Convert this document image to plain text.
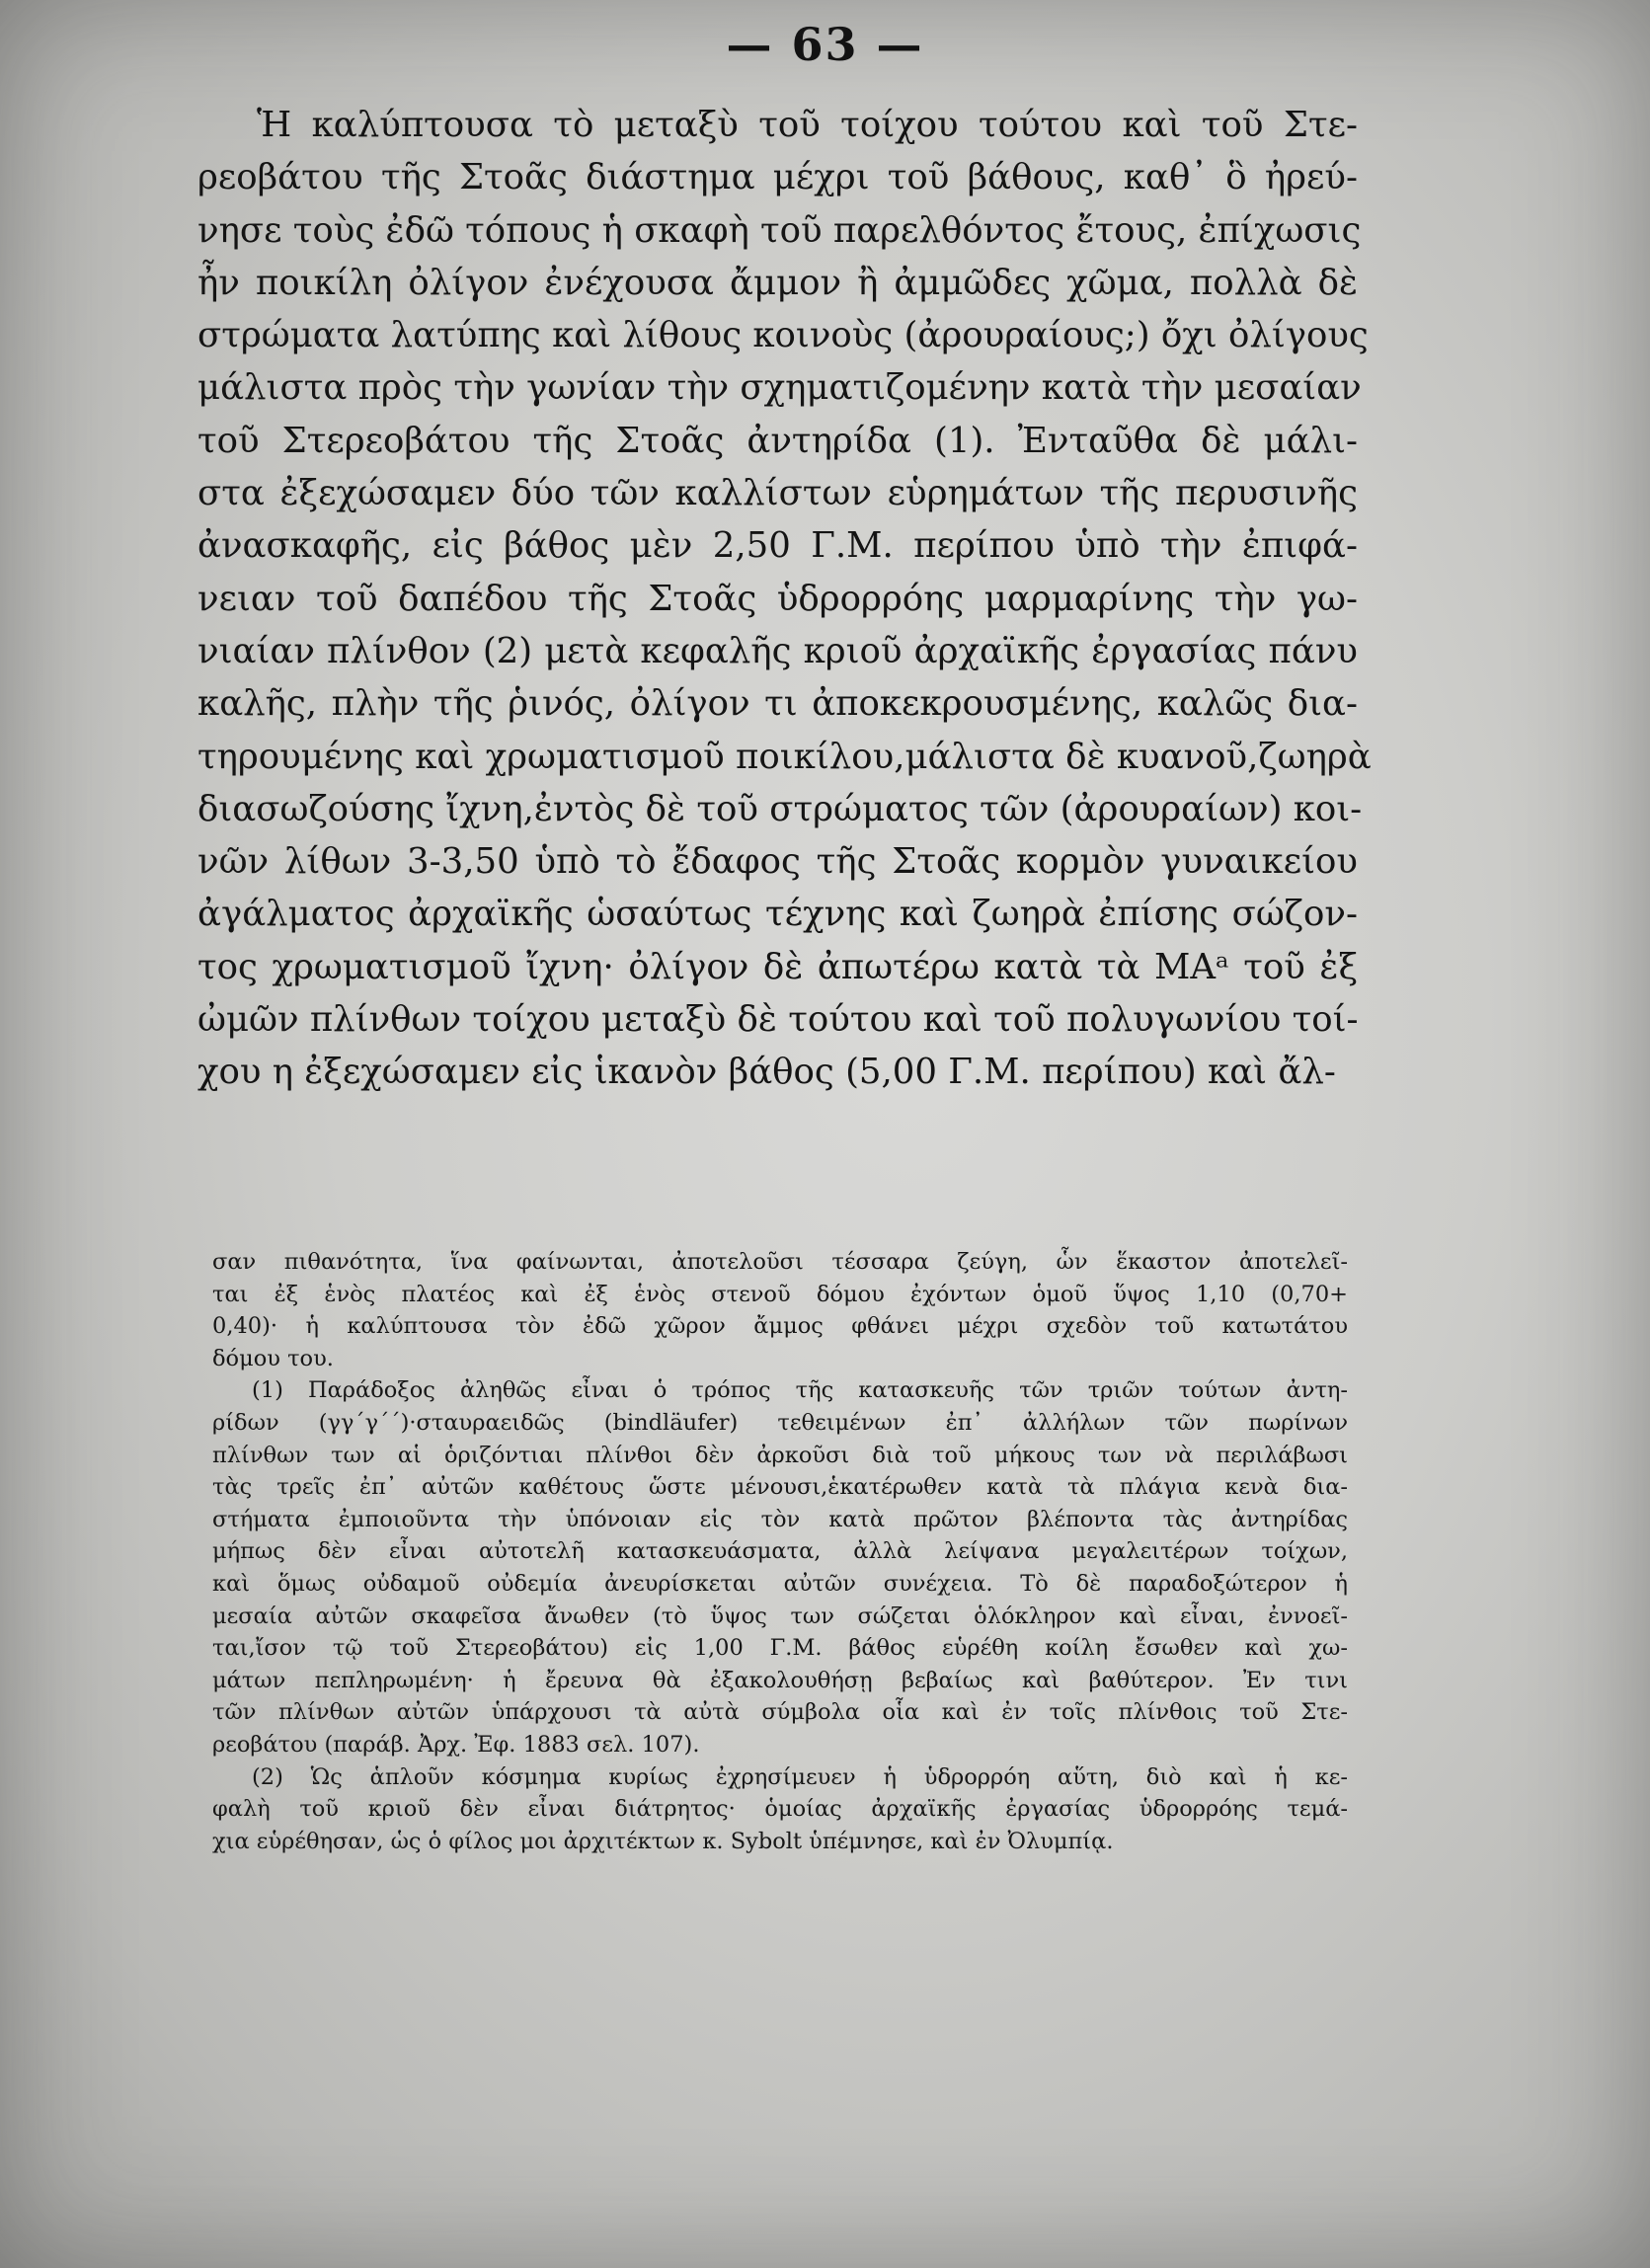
— 63 —
Ἡ καλύπτουσα τὸ μεταξὺ τοῦ τοίχου τούτου καὶ τοῦ Στε-
ρεοβάτου τῆς Στοᾶς διάστημα μέχρι τοῦ βάθους, καθ᾽ ὃ ἠρεύ-
νησε τοὺς ἐδῶ τόπους ἡ σκαφὴ τοῦ παρελθόντος ἔτους, ἐπίχωσις
ἦν ποικίλη ὀλίγον ἐνέχουσα ἄμμον ἢ ἀμμῶδες χῶμα, πολλὰ δὲ
στρώματα λατύπης καὶ λίθους κοινοὺς (ἀρουραίους;) ὄχι ὀλίγους
μάλιστα πρὸς τὴν γωνίαν τὴν σχηματιζομένην κατὰ τὴν μεσαίαν
τοῦ Στερεοβάτου τῆς Στοᾶς ἀντηρίδα (1). Ἐνταῦθα δὲ μάλι-
στα ἐξεχώσαμεν δύο τῶν καλλίστων εὑρημάτων τῆς περυσινῆς
ἀνασκαφῆς, εἰς βάθος μὲν 2,50 Γ.Μ. περίπου ὑπὸ τὴν ἐπιφά-
νειαν τοῦ δαπέδου τῆς Στοᾶς ὑδρορρόης μαρμαρίνης τὴν γω-
νιαίαν πλίνθον (2) μετὰ κεφαλῆς κριοῦ ἀρχαϊκῆς ἐργασίας πάνυ
καλῆς, πλὴν τῆς ῥινός, ὀλίγον τι ἀποκεκρουσμένης, καλῶς δια-
τηρουμένης καὶ χρωματισμοῦ ποικίλου,μάλιστα δὲ κυανοῦ,ζωηρὰ
διασωζούσης ἴχνη,ἐντὸς δὲ τοῦ στρώματος τῶν (ἀρουραίων) κοι-
νῶν λίθων 3-3,50 ὑπὸ τὸ ἔδαφος τῆς Στοᾶς κορμὸν γυναικείου
ἀγάλματος ἀρχαϊκῆς ὡσαύτως τέχνης καὶ ζωηρὰ ἐπίσης σώζον-
τος χρωματισμοῦ ἴχνη· ὀλίγον δὲ ἀπωτέρω κατὰ τὰ ΜΑᵃ τοῦ ἐξ
ὠμῶν πλίνθων τοίχου μεταξὺ δὲ τούτου καὶ τοῦ πολυγωνίου τοί-
χου η ἐξεχώσαμεν εἰς ἱκανὸν βάθος (5,00 Γ.Μ. περίπου) καὶ ἄλ-
σαν πιθανότητα, ἵνα φαίνωνται, ἀποτελοῦσι τέσσαρα ζεύγη, ὧν ἕκαστον ἀποτελεῖ-
ται ἐξ ἑνὸς πλατέος καὶ ἐξ ἑνὸς στενοῦ δόμου ἐχόντων ὁμοῦ ὕψος 1,10 (0,70+
0,40)· ἡ καλύπτουσα τὸν ἐδῶ χῶρον ἄμμος φθάνει μέχρι σχεδὸν τοῦ κατωτάτου
δόμου του.
(1) Παράδοξος ἀληθῶς εἶναι ὁ τρόπος τῆς κατασκευῆς τῶν τριῶν τούτων ἀντη-
ρίδων (γγ΄γ΄΄)·σταυραειδῶς (bindläufer) τεθειμένων ἐπ᾽ ἀλλήλων τῶν πωρίνων
πλίνθων των αἱ ὁριζόντιαι πλίνθοι δὲν ἀρκοῦσι διὰ τοῦ μήκους των νὰ περιλάβωσι
τὰς τρεῖς ἐπ᾽ αὐτῶν καθέτους ὥστε μένουσι,ἑκατέρωθεν κατὰ τὰ πλάγια κενὰ δια-
στήματα ἐμποιοῦντα τὴν ὑπόνοιαν εἰς τὸν κατὰ πρῶτον βλέποντα τὰς ἀντηρίδας
μήπως δὲν εἶναι αὐτοτελῆ κατασκευάσματα, ἀλλὰ λείψανα μεγαλειτέρων τοίχων,
καὶ ὅμως οὐδαμοῦ οὐδεμία ἀνευρίσκεται αὐτῶν συνέχεια. Τὸ δὲ παραδοξώτερον ἡ
μεσαία αὐτῶν σκαφεῖσα ἄνωθεν (τὸ ὕψος των σώζεται ὁλόκληρον καὶ εἶναι, ἐννοεῖ-
ται,ἴσον τῷ τοῦ Στερεοβάτου) εἰς 1,00 Γ.Μ. βάθος εὑρέθη κοίλη ἔσωθεν καὶ χω-
μάτων πεπληρωμένη· ἡ ἔρευνα θὰ ἐξακολουθήσῃ βεβαίως καὶ βαθύτερον. Ἐν τινι
τῶν πλίνθων αὐτῶν ὑπάρχουσι τὰ αὐτὰ σύμβολα οἷα καὶ ἐν τοῖς πλίνθοις τοῦ Στε-
ρεοβάτου (παράβ. Ἀρχ. Ἐφ. 1883 σελ. 107).
(2) Ὡς ἁπλοῦν κόσμημα κυρίως ἐχρησίμευεν ἡ ὑδρορρόη αὕτη, διὸ καὶ ἡ κε-
φαλὴ τοῦ κριοῦ δὲν εἶναι διάτρητος· ὁμοίας ἀρχαϊκῆς ἐργασίας ὑδρορρόης τεμά-
χια εὑρέθησαν, ὡς ὁ φίλος μοι ἀρχιτέκτων κ. Sybolt ὑπέμνησε, καὶ ἐν Ὀλυμπίᾳ.
